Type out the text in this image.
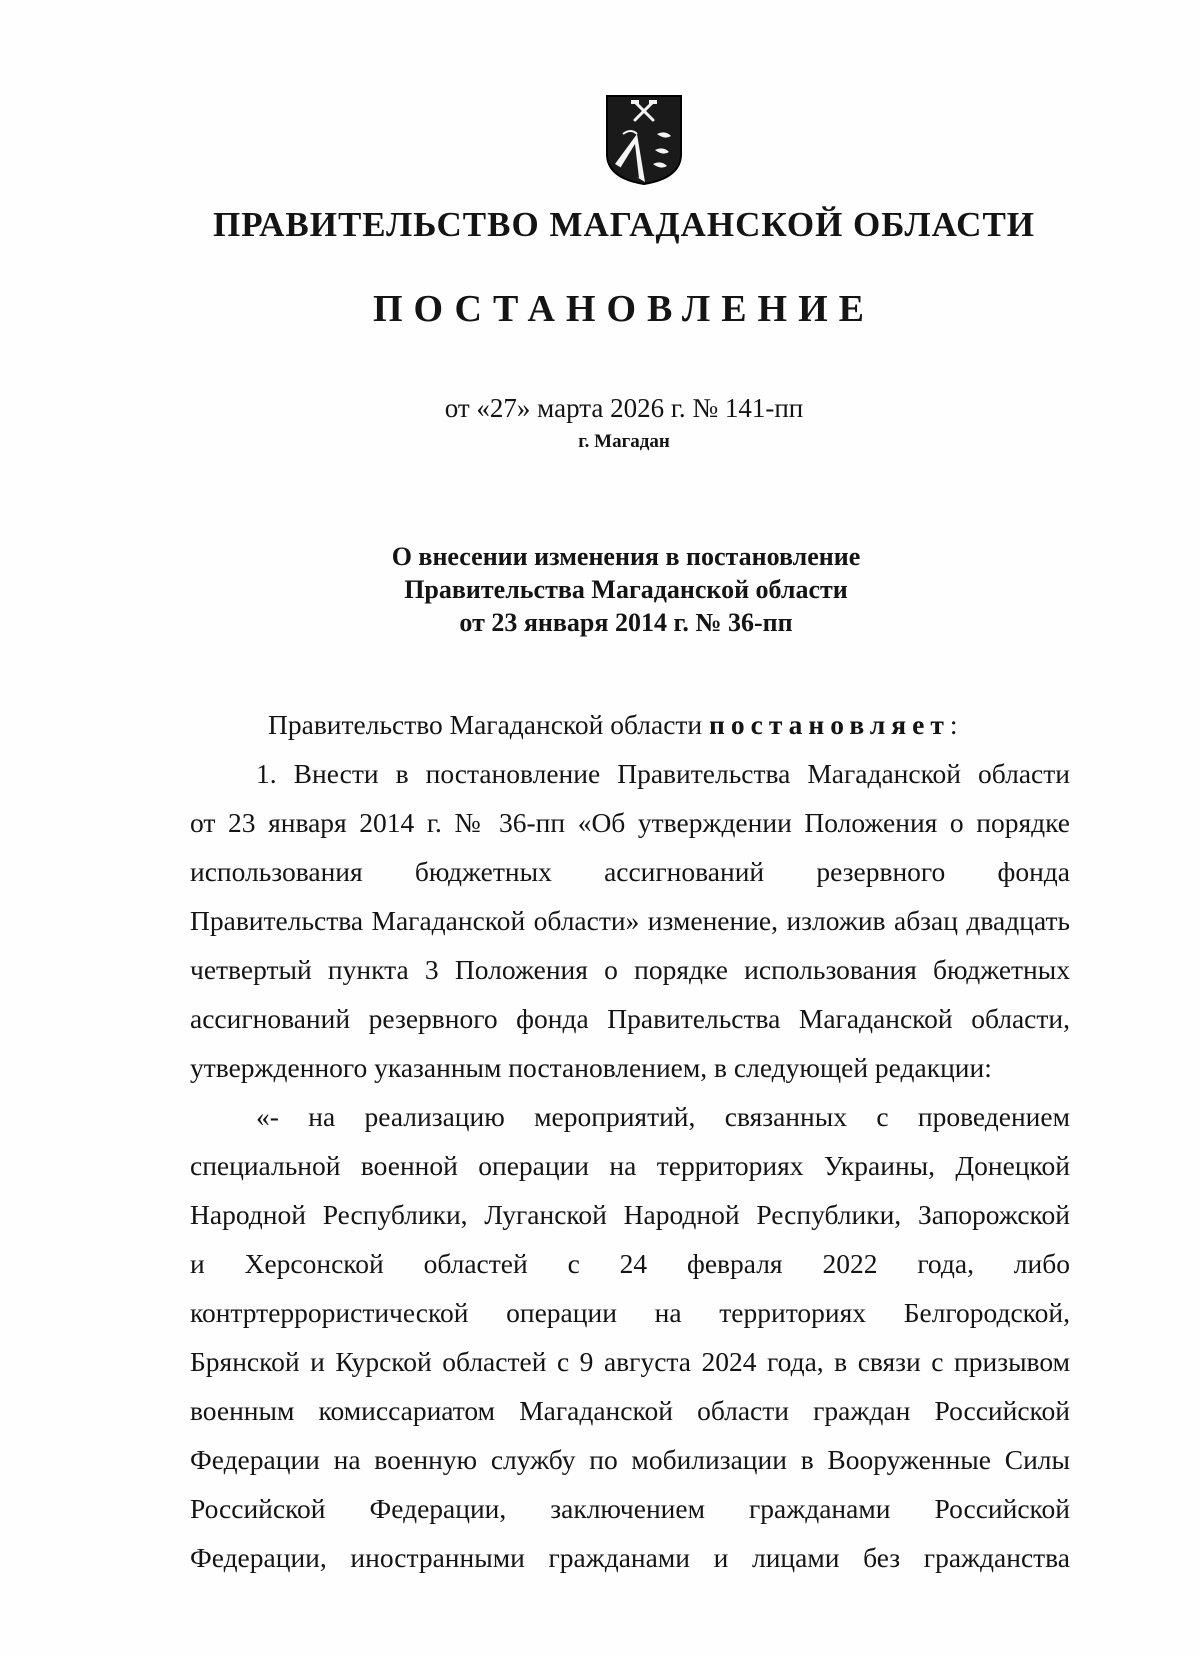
ПРАВИТЕЛЬСТВО МАГАДАНСКОЙ ОБЛАСТИ
ПОСТАНОВЛЕНИЕ
от «27» марта 2026 г. № 141-пп
г. Магадан
О внесении изменения в постановление
Правительства Магаданской области
от 23 января 2014 г. № 36-пп
Правительство Магаданской области постановляет:
1. Внести в постановление Правительства Магаданской области
от 23 января 2014 г. № 36-пп «Об утверждении Положения о порядке
использования бюджетных ассигнований резервного фонда
Правительства Магаданской области» изменение, изложив абзац двадцать
четвертый пункта 3 Положения о порядке использования бюджетных
ассигнований резервного фонда Правительства Магаданской области,
утвержденного указанным постановлением, в следующей редакции:
«- на реализацию мероприятий, связанных с проведением
специальной военной операции на территориях Украины, Донецкой
Народной Республики, Луганской Народной Республики, Запорожской
и Херсонской областей с 24 февраля 2022 года, либо
контртеррористической операции на территориях Белгородской,
Брянской и Курской областей с 9 августа 2024 года, в связи с призывом
военным комиссариатом Магаданской области граждан Российской
Федерации на военную службу по мобилизации в Вооруженные Силы
Российской Федерации, заключением гражданами Российской
Федерации, иностранными гражданами и лицами без гражданства
